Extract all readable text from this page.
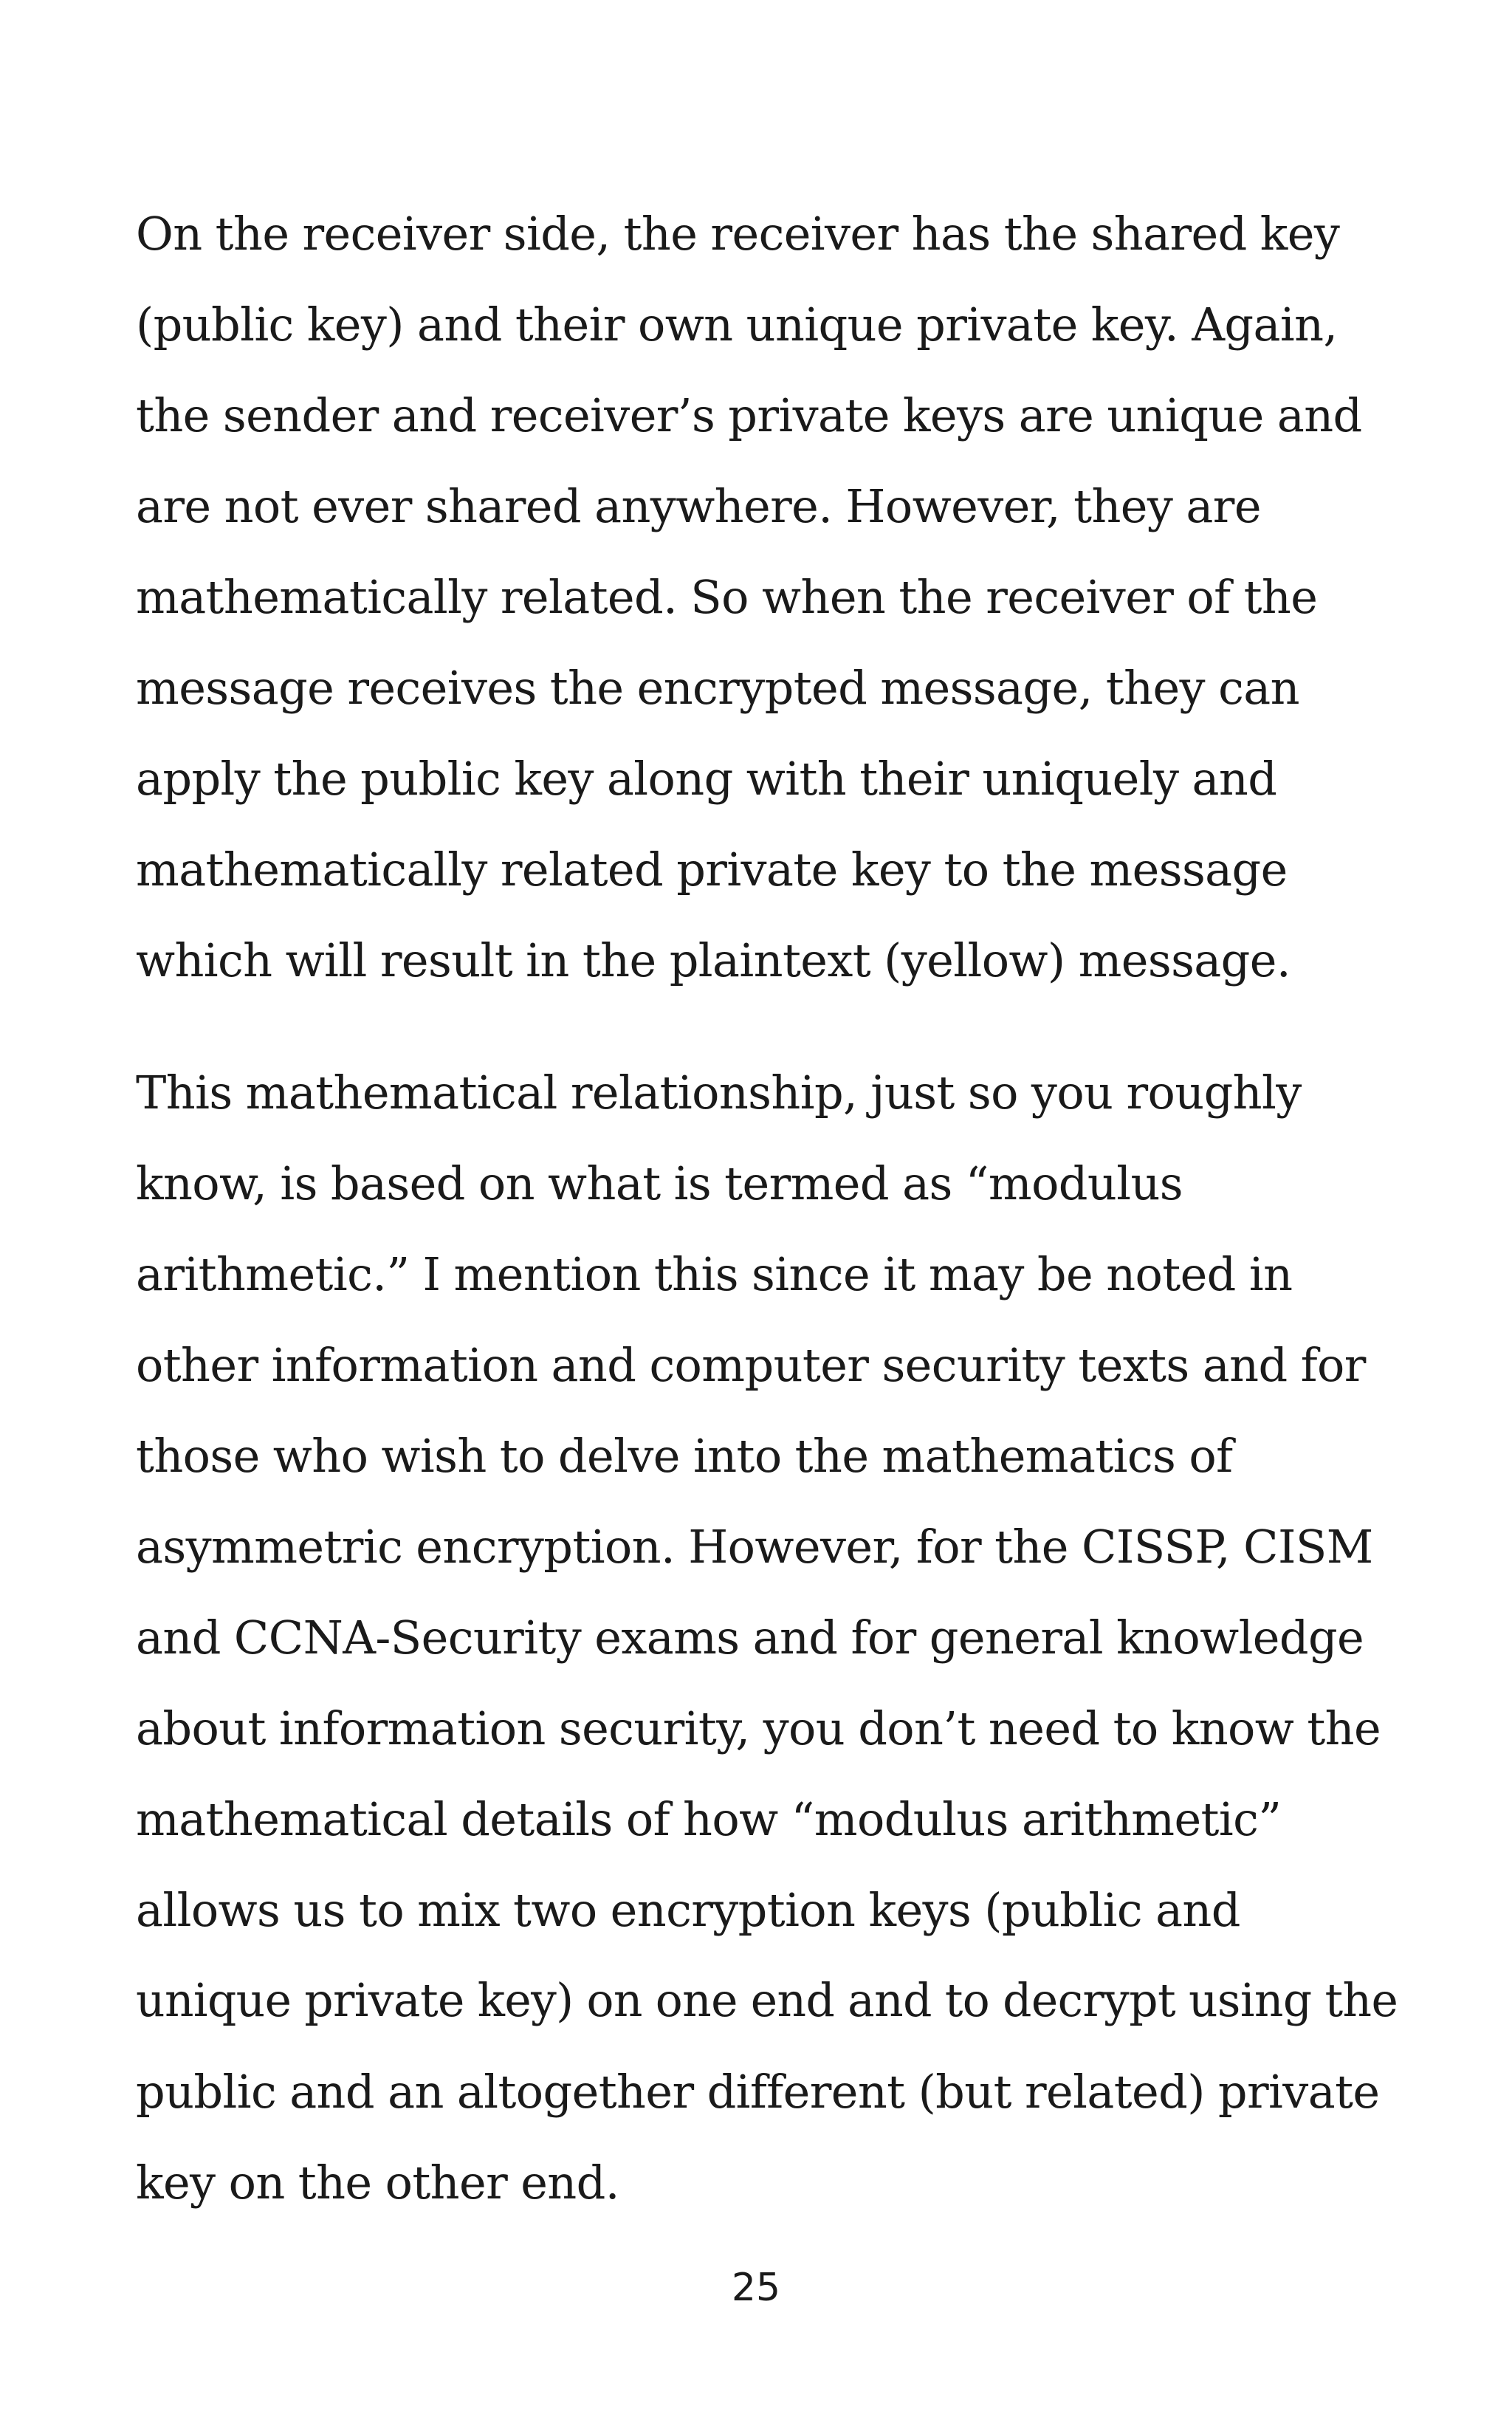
On the receiver side, the receiver has the shared key
(public key) and their own unique private key. Again,
the sender and receiver’s private keys are unique and
are not ever shared anywhere. However, they are
mathematically related. So when the receiver of the
message receives the encrypted message, they can
apply the public key along with their uniquely and
mathematically related private key to the message
which will result in the plaintext (yellow) message.
This mathematical relationship, just so you roughly
know, is based on what is termed as “modulus
arithmetic.” I mention this since it may be noted in
other information and computer security texts and for
those who wish to delve into the mathematics of
asymmetric encryption. However, for the CISSP, CISM
and CCNA-Security exams and for general knowledge
about information security, you don’t need to know the
mathematical details of how “modulus arithmetic”
allows us to mix two encryption keys (public and
unique private key) on one end and to decrypt using the
public and an altogether different (but related) private
key on the other end.
25
